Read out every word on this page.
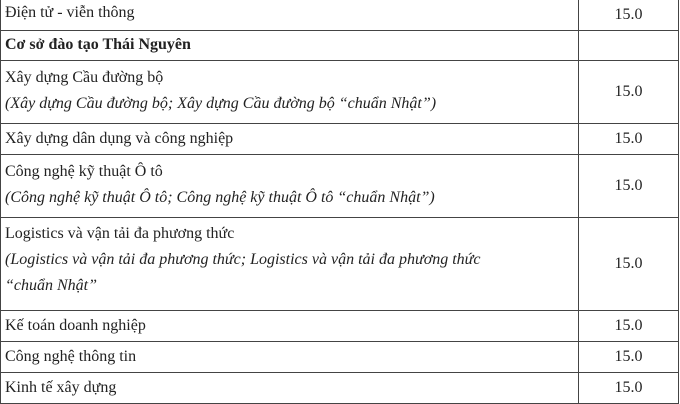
Điện tử - viễn thông	15.0

Cơ sở đào tạo Thái Nguyên	

Xây dựng Cầu đường bộ
(Xây dựng Cầu đường bộ; Xây dựng Cầu đường bộ “chuẩn Nhật”)	15.0

Xây dựng dân dụng và công nghiệp	15.0

Công nghệ kỹ thuật Ô tô
(Công nghệ kỹ thuật Ô tô; Công nghệ kỹ thuật Ô tô “chuẩn Nhật”)	15.0

Logistics và vận tải đa phương thức
(Logistics và vận tải đa phương thức; Logistics và vận tải đa phương thức
“chuẩn Nhật”	15.0

Kế toán doanh nghiệp	15.0

Công nghệ thông tin	15.0

Kinh tế xây dựng	15.0
